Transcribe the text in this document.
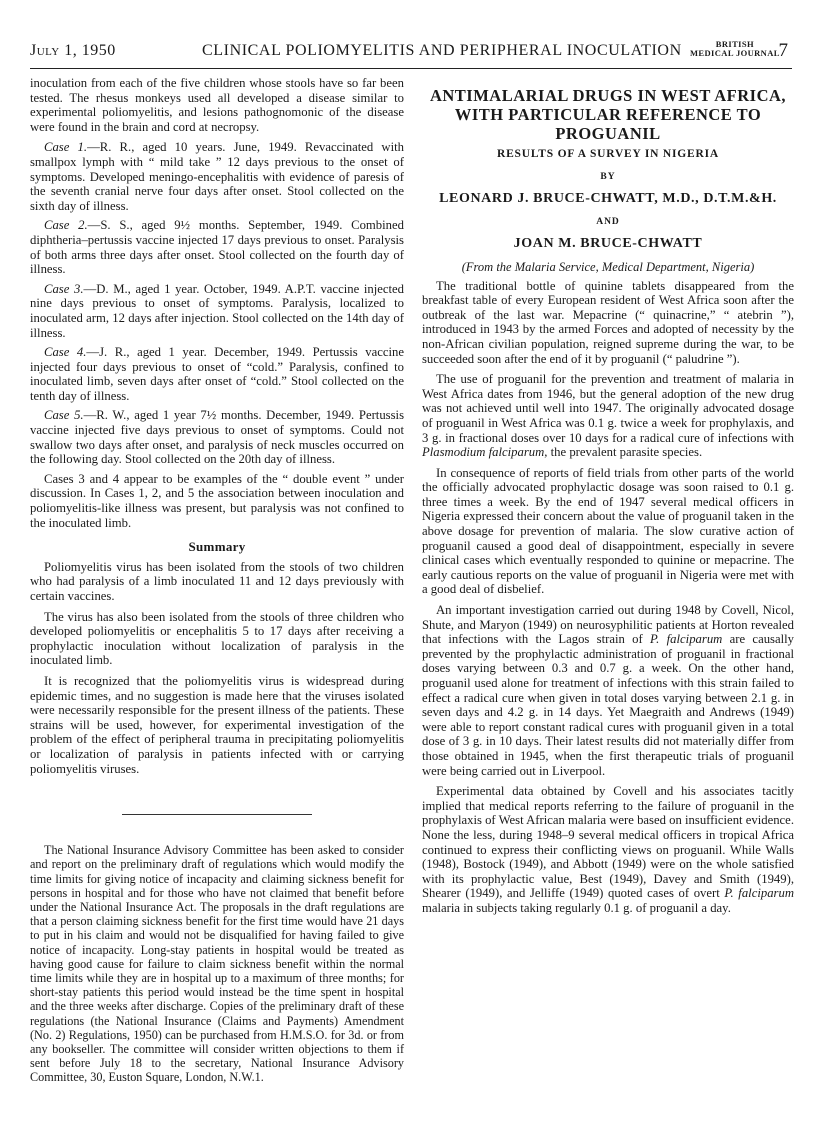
July 1, 1950	CLINICAL POLIOMYELITIS AND PERIPHERAL INOCULATION	BRITISH
MEDICAL JOURNAL
7

inoculation from each of the five children whose stools have so far been tested. The rhesus monkeys used all developed a disease similar to experimental poliomyelitis, and lesions pathognomonic of the disease were found in the brain and cord at necropsy.

Case 1.—R. R., aged 10 years. June, 1949. Revaccinated with smallpox lymph with “ mild take ” 12 days previous to the onset of symptoms. Developed meningo-encephalitis with evidence of paresis of the seventh cranial nerve four days after onset. Stool collected on the sixth day of illness.

Case 2.—S. S., aged 9½ months. September, 1949. Combined diphtheria–pertussis vaccine injected 17 days previous to onset. Paralysis of both arms three days after onset. Stool collected on the fourth day of illness.

Case 3.—D. M., aged 1 year. October, 1949. A.P.T. vaccine injected nine days previous to onset of symptoms. Paralysis, localized to inoculated arm, 12 days after injection. Stool collected on the 14th day of illness.

Case 4.—J. R., aged 1 year. December, 1949. Pertussis vaccine injected four days previous to onset of “cold.” Paralysis, confined to inoculated limb, seven days after onset of “cold.” Stool collected on the tenth day of illness.

Case 5.—R. W., aged 1 year 7½ months. December, 1949. Pertussis vaccine injected five days previous to onset of symptoms. Could not swallow two days after onset, and paralysis of neck muscles occurred on the following day. Stool collected on the 20th day of illness.

Cases 3 and 4 appear to be examples of the “ double event ” under discussion. In Cases 1, 2, and 5 the association between inoculation and poliomyelitis-like illness was present, but paralysis was not confined to the inoculated limb.

Summary

Poliomyelitis virus has been isolated from the stools of two children who had paralysis of a limb inoculated 11 and 12 days previously with certain vaccines.

The virus has also been isolated from the stools of three children who developed poliomyelitis or encephalitis 5 to 17 days after receiving a prophylactic inoculation without localization of paralysis in the inoculated limb.

It is recognized that the poliomyelitis virus is widespread during epidemic times, and no suggestion is made here that the viruses isolated were necessarily responsible for the present illness of the patients. These strains will be used, however, for experimental investigation of the problem of the effect of peripheral trauma in precipitating poliomyelitis or localization of paralysis in patients infected with or carrying poliomyelitis viruses.

The National Insurance Advisory Committee has been asked to consider and report on the preliminary draft of regulations which would modify the time limits for giving notice of incapacity and claiming sickness benefit for persons in hospital and for those who have not claimed that benefit before under the National Insurance Act. The proposals in the draft regulations are that a person claiming sickness benefit for the first time would have 21 days to put in his claim and would not be disqualified for having failed to give notice of incapacity. Long-stay patients in hospital would be treated as having good cause for failure to claim sickness benefit within the normal time limits while they are in hospital up to a maximum of three months; for short-stay patients this period would instead be the time spent in hospital and the three weeks after discharge. Copies of the preliminary draft of these regulations (the National Insurance (Claims and Payments) Amendment (No. 2) Regulations, 1950) can be purchased from H.M.S.O. for 3d. or from any bookseller. The committee will consider written objections to them if sent before July 18 to the secretary, National Insurance Advisory Committee, 30, Euston Square, London, N.W.1.

ANTIMALARIAL DRUGS IN WEST AFRICA, WITH PARTICULAR REFERENCE TO PROGUANIL
RESULTS OF A SURVEY IN NIGERIA
BY
LEONARD J. BRUCE-CHWATT, M.D., D.T.M.&H.
AND
JOAN M. BRUCE-CHWATT
(From the Malaria Service, Medical Department, Nigeria)

The traditional bottle of quinine tablets disappeared from the breakfast table of every European resident of West Africa soon after the outbreak of the last war. Mepacrine (“ quinacrine,” “ atebrin ”), introduced in 1943 by the armed Forces and adopted of necessity by the non-African civilian population, reigned supreme during the war, to be succeeded soon after the end of it by proguanil (“ paludrine ”).

The use of proguanil for the prevention and treatment of malaria in West Africa dates from 1946, but the general adoption of the new drug was not achieved until well into 1947. The originally advocated dosage of proguanil in West Africa was 0.1 g. twice a week for prophylaxis, and 3 g. in fractional doses over 10 days for a radical cure of infections with Plasmodium falciparum, the prevalent parasite species.

In consequence of reports of field trials from other parts of the world the officially advocated prophylactic dosage was soon raised to 0.1 g. three times a week. By the end of 1947 several medical officers in Nigeria expressed their concern about the value of proguanil taken in the above dosage for prevention of malaria. The slow curative action of proguanil caused a good deal of disappointment, especially in severe clinical cases which eventually responded to quinine or mepacrine. The early cautious reports on the value of proguanil in Nigeria were met with a good deal of disbelief.

An important investigation carried out during 1948 by Covell, Nicol, Shute, and Maryon (1949) on neurosyphilitic patients at Horton revealed that infections with the Lagos strain of P. falciparum are causally prevented by the prophylactic administration of proguanil in fractional doses varying between 0.3 and 0.7 g. a week. On the other hand, proguanil used alone for treatment of infections with this strain failed to effect a radical cure when given in total doses varying between 2.1 g. in seven days and 4.2 g. in 14 days. Yet Maegraith and Andrews (1949) were able to report constant radical cures with proguanil given in a total dose of 3 g. in 10 days. Their latest results did not materially differ from those obtained in 1945, when the first therapeutic trials of proguanil were being carried out in Liverpool.

Experimental data obtained by Covell and his associates tacitly implied that medical reports referring to the failure of proguanil in the prophylaxis of West African malaria were based on insufficient evidence. None the less, during 1948–9 several medical officers in tropical Africa continued to express their conflicting views on proguanil. While Walls (1948), Bostock (1949), and Abbott (1949) were on the whole satisfied with its prophylactic value, Best (1949), Davey and Smith (1949), Shearer (1949), and Jelliffe (1949) quoted cases of overt P. falciparum malaria in subjects taking regularly 0.1 g. of proguanil a day.
